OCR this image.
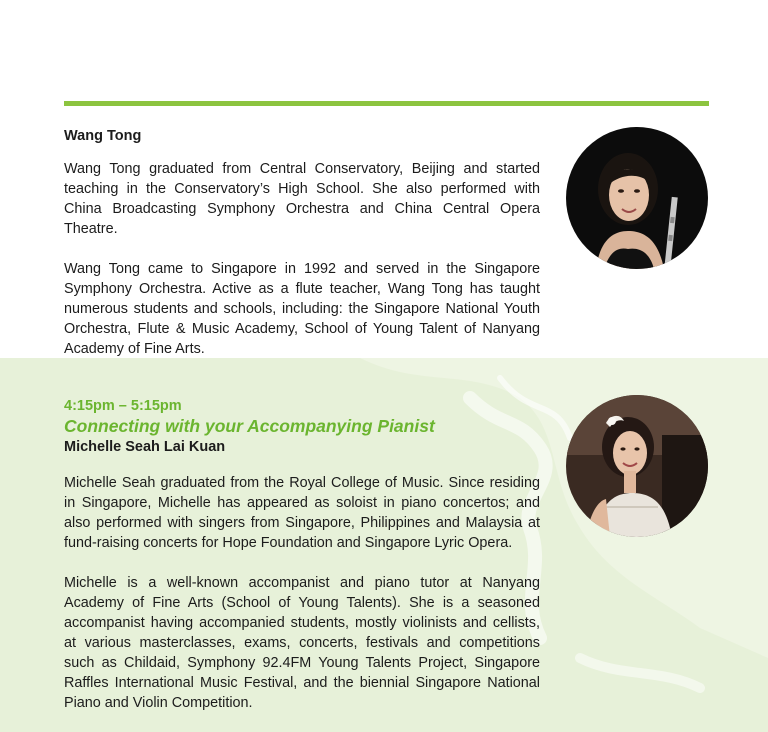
Wang Tong

Wang Tong graduated from Central Conservatory, Beijing and started teaching in the Conservatory’s High School. She also performed with China Broadcasting Symphony Orchestra and China Central Opera Theatre.

Wang Tong came to Singapore in 1992 and served in the Singapore Symphony Orchestra. Active as a flute teacher, Wang Tong has taught numerous students and schools, including: the Singapore National Youth Orchestra, Flute & Music Academy, School of Young Talent of Nanyang Academy of Fine Arts.

4:15pm – 5:15pm

Connecting with your Accompanying Pianist
Michelle Seah Lai Kuan

Michelle Seah graduated from the Royal College of Music. Since residing in Singapore, Michelle has appeared as soloist in piano concertos; and also performed with singers from Singapore, Philippines and Malaysia at fund-raising concerts for Hope Foundation and Singapore Lyric Opera.

Michelle is a well-known accompanist and piano tutor at Nanyang Academy of Fine Arts (School of Young Talents). She is a seasoned accompanist having accompanied students, mostly violinists and cellists, at various masterclasses, exams, concerts, festivals and competitions such as Childaid, Symphony 92.4FM Young Talents Project, Singapore Raffles International Music Festival, and the biennial Singapore National Piano and Violin Competition.
